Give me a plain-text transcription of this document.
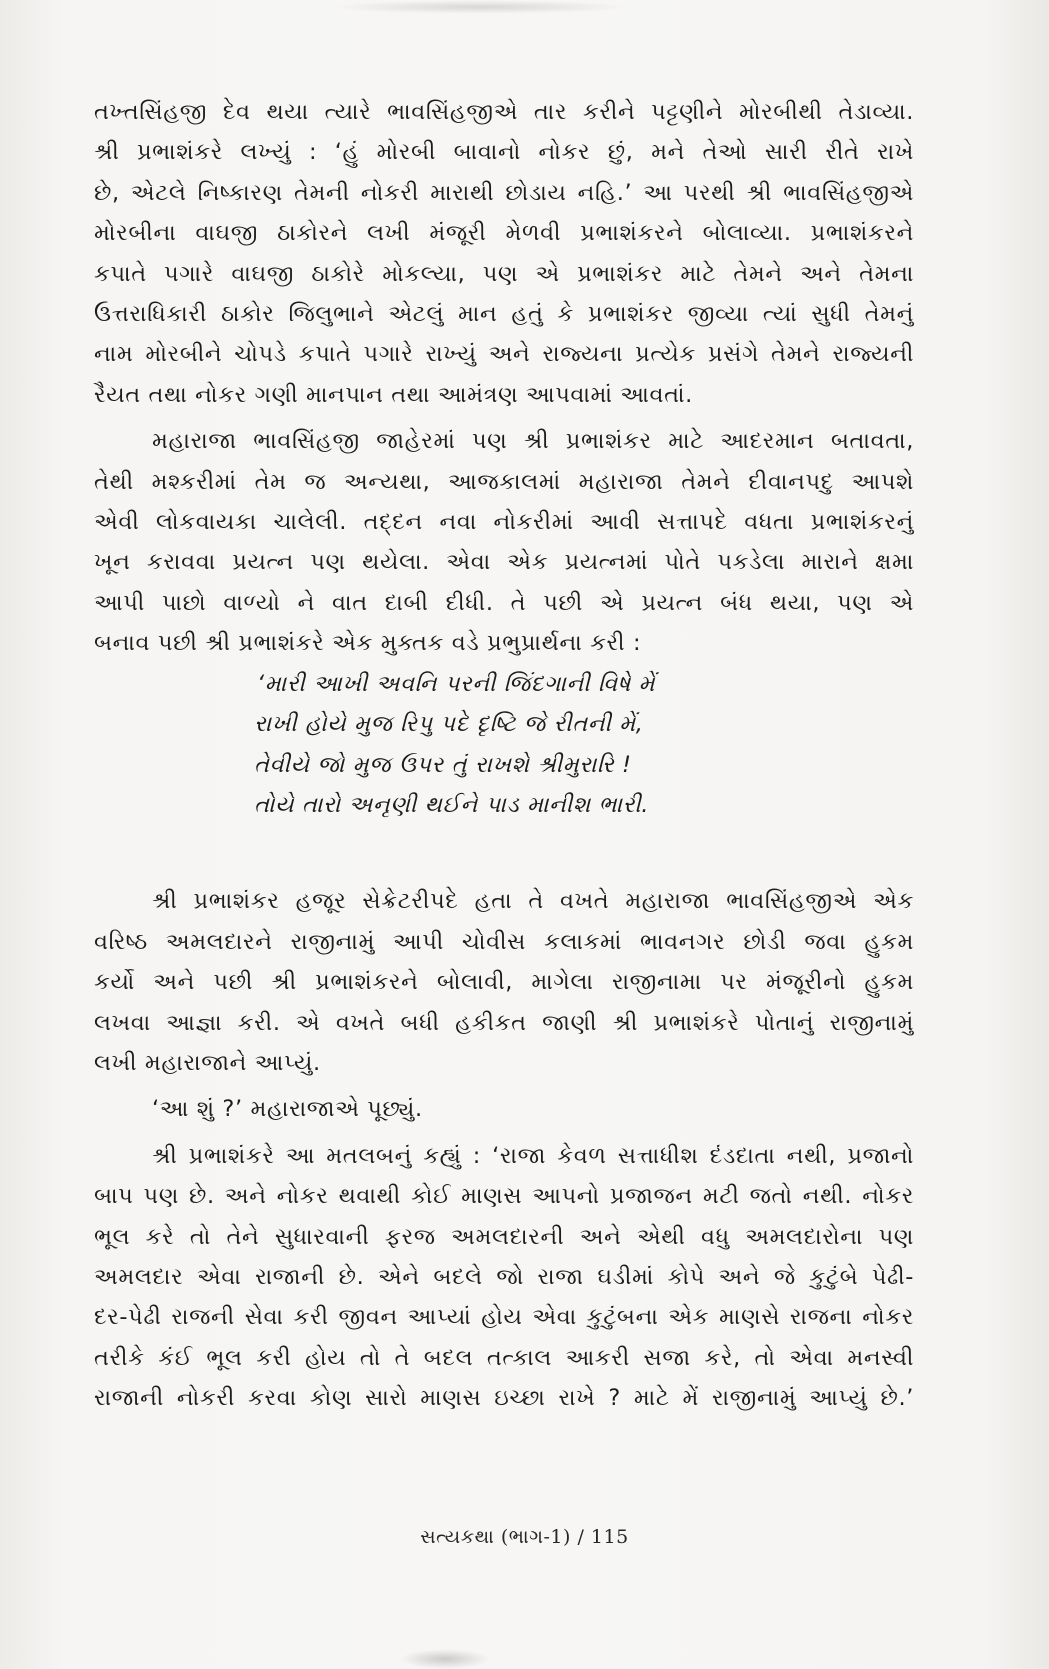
તખ્તસિંહજી દેવ થયા ત્યારે ભાવસિંહજીએ તાર કરીને પટ્ટણીને મોરબીથી તેડાવ્યા.
શ્રી પ્રભાશંકરે લખ્યું : ‘હું મોરબી બાવાનો નોકર છું, મને તેઓ સારી રીતે રાખે
છે, એટલે નિષ્કારણ તેમની નોકરી મારાથી છોડાય નહિ.’ આ પરથી શ્રી ભાવસિંહજીએ
મોરબીના વાઘજી ઠાકોરને લખી મંજૂરી મેળવી પ્રભાશંકરને બોલાવ્યા. પ્રભાશંકરને
કપાતે પગારે વાઘજી ઠાકોરે મોકલ્યા, પણ એ પ્રભાશંકર માટે તેમને અને તેમના
ઉત્તરાધિકારી ઠાકોર જિલુભાને એટલું માન હતું કે પ્રભાશંકર જીવ્યા ત્યાં સુધી તેમનું
નામ મોરબીને ચોપડે કપાતે પગારે રાખ્યું અને રાજ્યના પ્રત્યેક પ્રસંગે તેમને રાજ્યની
રૈયત તથા નોકર ગણી માનપાન તથા આમંત્રણ આપવામાં આવતાં.
મહારાજા ભાવસિંહજી જાહેરમાં પણ શ્રી પ્રભાશંકર માટે આદરમાન બતાવતા,
તેથી મશ્કરીમાં તેમ જ અન્યથા, આજકાલમાં મહારાજા તેમને દીવાનપદુ આપશે
એવી લોકવાયકા ચાલેલી. તદ્દન નવા નોકરીમાં આવી સત્તાપદે વધતા પ્રભાશંકરનું
ખૂન કરાવવા પ્રયત્ન પણ થયેલા. એવા એક પ્રયત્નમાં પોતે પકડેલા મારાને ક્ષમા
આપી પાછો વાળ્યો ને વાત દાબી દીધી. તે પછી એ પ્રયત્ન બંધ થયા, પણ એ
બનાવ પછી શ્રી પ્રભાશંકરે એક મુક્તક વડે પ્રભુપ્રાર્થના કરી :
‘મારી આખી અવનિ પરની જિંદગાની વિષે મેં
રાખી હોયે મુજ રિપુ પદે દૃષ્ટિ જે રીતની મેં,
તેવીયે જો મુજ ઉપર તું રાખશે શ્રીમુરારિ !
તોયે તારો અનૃણી થઈને પાડ માનીશ ભારી.
શ્રી પ્રભાશંકર હજૂર સેક્રેટરીપદે હતા તે વખતે મહારાજા ભાવસિંહજીએ એક
વરિષ્ઠ અમલદારને રાજીનામું આપી ચોવીસ કલાકમાં ભાવનગર છોડી જવા હુકમ
કર્યો અને પછી શ્રી પ્રભાશંકરને બોલાવી, માગેલા રાજીનામા પર મંજૂરીનો હુકમ
લખવા આજ્ઞા કરી. એ વખતે બધી હકીકત જાણી શ્રી પ્રભાશંકરે પોતાનું રાજીનામું
લખી મહારાજાને આપ્યું.
‘આ શું ?’ મહારાજાએ પૂછ્યું.
શ્રી પ્રભાશંકરે આ મતલબનું કહ્યું : ‘રાજા કેવળ સત્તાધીશ દંડદાતા નથી, પ્રજાનો
બાપ પણ છે. અને નોકર થવાથી કોઈ માણસ આપનો પ્રજાજન મટી જતો નથી. નોકર
ભૂલ કરે તો તેને સુધારવાની ફરજ અમલદારની અને એથી વધુ અમલદારોના પણ
અમલદાર એવા રાજાની છે. એને બદલે જો રાજા ઘડીમાં કોપે અને જે કુટુંબે પેઢી-
દર-પેઢી રાજની સેવા કરી જીવન આપ્યાં હોય એવા કુટુંબના એક માણસે રાજના નોકર
તરીકે કંઈ ભૂલ કરી હોય તો તે બદલ તત્કાલ આકરી સજા કરે, તો એવા મનસ્વી
રાજાની નોકરી કરવા કોણ સારો માણસ ઇચ્છા રાખે ? માટે મેં રાજીનામું આપ્યું છે.’
સત્યકથા (ભાગ-1) / 115
